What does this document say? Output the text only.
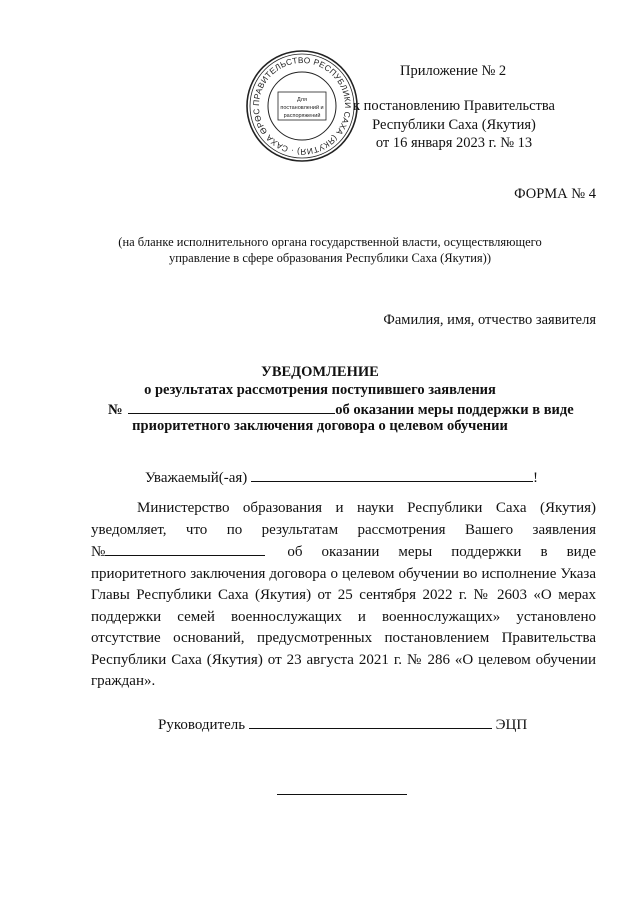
ПРАВИТЕЛЬСТВО РЕСПУБЛИКИ САХА (ЯКУТИЯ) · САХА ӨРӨС
Для
постановлений и
распоряжений
Приложение № 2
к постановлению Правительства
Республики Саха (Якутия)
от 16 января 2023 г. № 13
ФОРМА № 4
(на бланке исполнительного органа государственной власти, осуществляющего
управление в сфере образования Республики Саха (Якутия))
Фамилия, имя, отчество заявителя
УВЕДОМЛЕНИЕ
о результатах рассмотрения поступившего заявления
№	об оказании меры поддержки в виде
приоритетного заключения договора о целевом обучении
Уважаемый(-ая)	!
Министерство образования и науки Республики Саха (Якутия)
уведомляет, что по результатам рассмотрения Вашего заявления
№	об оказании меры поддержки в виде
приоритетного заключения договора о целевом обучении во исполнение Указа Главы Республики Саха (Якутия) от 25 сентября 2022 г. № 2603 «О мерах поддержки семей военнослужащих и военнослужащих» установлено отсутствие оснований, предусмотренных постановлением Правительства Республики Саха (Якутия) от 23 августа 2021 г. № 286 «О целевом обучении граждан».
Руководитель	ЭЦП
